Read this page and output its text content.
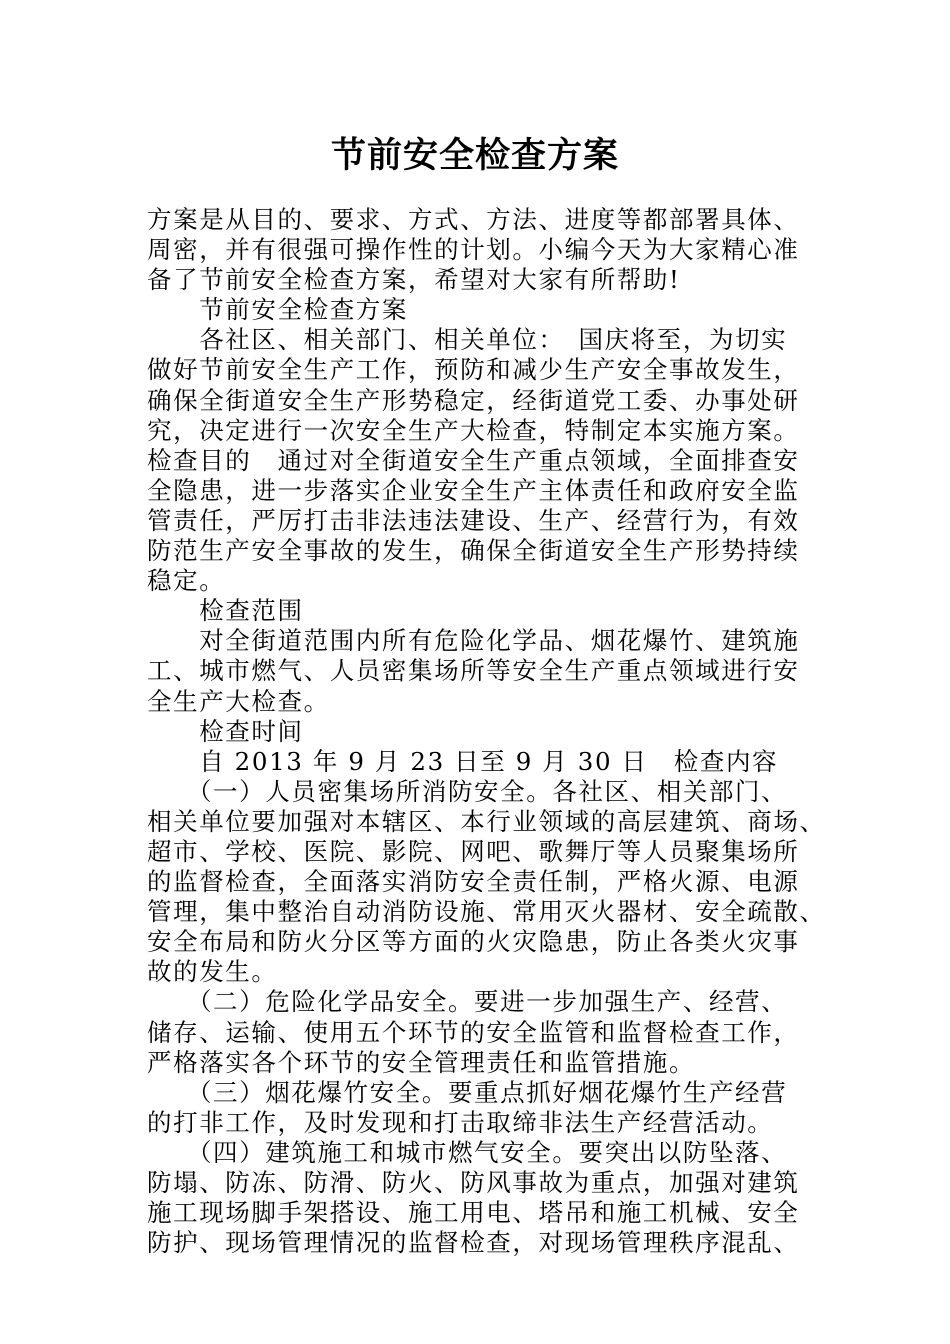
节前安全检查方案
方案是从目的、要求、方式、方法、进度等都部署具体、
周密，并有很强可操作性的计划。小编今天为大家精心准
备了节前安全检查方案，希望对大家有所帮助!
　　节前安全检查方案
　　各社区、相关部门、相关单位：　国庆将至，为切实
做好节前安全生产工作，预防和减少生产安全事故发生，
确保全街道安全生产形势稳定，经街道党工委、办事处研
究，决定进行一次安全生产大检查，特制定本实施方案。
检查目的　通过对全街道安全生产重点领域，全面排查安
全隐患，进一步落实企业安全生产主体责任和政府安全监
管责任，严厉打击非法违法建设、生产、经营行为，有效
防范生产安全事故的发生，确保全街道安全生产形势持续
稳定。
　　检查范围
　　对全街道范围内所有危险化学品、烟花爆竹、建筑施
工、城市燃气、人员密集场所等安全生产重点领域进行安
全生产大检查。
　　检查时间
　　自 2013 年 9 月 23 日至 9 月 30 日　检查内容
　　（一）人员密集场所消防安全。各社区、相关部门、
相关单位要加强对本辖区、本行业领域的高层建筑、商场、
超市、学校、医院、影院、网吧、歌舞厅等人员聚集场所
的监督检查，全面落实消防安全责任制，严格火源、电源
管理，集中整治自动消防设施、常用灭火器材、安全疏散、
安全布局和防火分区等方面的火灾隐患，防止各类火灾事
故的发生。
　　（二）危险化学品安全。要进一步加强生产、经营、
储存、运输、使用五个环节的安全监管和监督检查工作，
严格落实各个环节的安全管理责任和监管措施。
　　（三）烟花爆竹安全。要重点抓好烟花爆竹生产经营
的打非工作，及时发现和打击取缔非法生产经营活动。
　　（四）建筑施工和城市燃气安全。要突出以防坠落、
防塌、防冻、防滑、防火、防风事故为重点，加强对建筑
施工现场脚手架搭设、施工用电、塔吊和施工机械、安全
防护、现场管理情况的监督检查，对现场管理秩序混乱、
